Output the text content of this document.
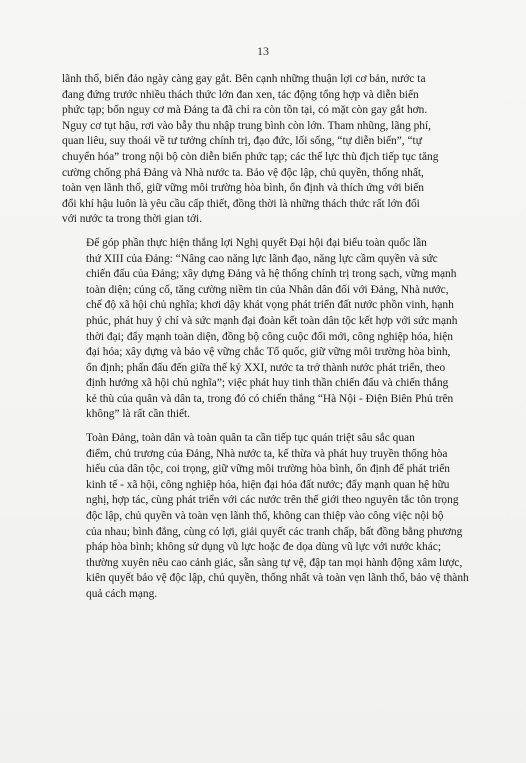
13

lãnh thổ, biển đảo ngày càng gay gắt. Bên cạnh những thuận lợi cơ bản, nước ta
đang đứng trước nhiều thách thức lớn đan xen, tác động tổng hợp và diễn biến
phức tạp; bốn nguy cơ mà Đảng ta đã chỉ ra còn tồn tại, có mặt còn gay gắt hơn.
Nguy cơ tụt hậu, rơi vào bẫy thu nhập trung bình còn lớn. Tham nhũng, lãng phí,
quan liêu, suy thoái về tư tưởng chính trị, đạo đức, lối sống, “tự diễn biến”, “tự
chuyển hóa” trong nội bộ còn diễn biến phức tạp; các thế lực thù địch tiếp tục tăng
cường chống phá Đảng và Nhà nước ta. Bảo vệ độc lập, chủ quyền, thống nhất,
toàn vẹn lãnh thổ, giữ vững môi trường hòa bình, ổn định và thích ứng với biến
đổi khí hậu luôn là yêu cầu cấp thiết, đồng thời là những thách thức rất lớn đối
với nước ta trong thời gian tới.

Để góp phần thực hiện thắng lợi Nghị quyết Đại hội đại biểu toàn quốc lần
thứ XIII của Đảng: “Nâng cao năng lực lãnh đạo, năng lực cầm quyền và sức
chiến đấu của Đảng; xây dựng Đảng và hệ thống chính trị trong sạch, vững mạnh
toàn diện; củng cố, tăng cường niềm tin của Nhân dân đối với Đảng, Nhà nước,
chế độ xã hội chủ nghĩa; khơi dậy khát vọng phát triển đất nước phồn vinh, hạnh
phúc, phát huy ý chí và sức mạnh đại đoàn kết toàn dân tộc kết hợp với sức mạnh
thời đại; đẩy mạnh toàn diện, đồng bộ công cuộc đổi mới, công nghiệp hóa, hiện
đại hóa; xây dựng và bảo vệ vững chắc Tổ quốc, giữ vững môi trường hòa bình,
ổn định; phấn đấu đến giữa thế kỷ XXI, nước ta trở thành nước phát triển, theo
định hướng xã hội chủ nghĩa”; việc phát huy tinh thần chiến đấu và chiến thắng
kẻ thù của quân và dân ta, trong đó có chiến thắng “Hà Nội - Điện Biên Phủ trên
không” là rất cần thiết.

Toàn Đảng, toàn dân và toàn quân ta cần tiếp tục quán triệt sâu sắc quan
điểm, chủ trương của Đảng, Nhà nước ta, kế thừa và phát huy truyền thống hòa
hiếu của dân tộc, coi trọng, giữ vững môi trường hòa bình, ổn định để phát triển
kinh tế - xã hội, công nghiệp hóa, hiện đại hóa đất nước; đẩy mạnh quan hệ hữu
nghị, hợp tác, cùng phát triển với các nước trên thế giới theo nguyên tắc tôn trọng
độc lập, chủ quyền và toàn vẹn lãnh thổ, không can thiệp vào công việc nội bộ
của nhau; bình đẳng, cùng có lợi, giải quyết các tranh chấp, bất đồng bằng phương
pháp hòa bình; không sử dụng vũ lực hoặc đe dọa dùng vũ lực với nước khác;
thường xuyên nêu cao cảnh giác, sẵn sàng tự vệ, đập tan mọi hành động xâm lược,
kiên quyết bảo vệ độc lập, chủ quyền, thống nhất và toàn vẹn lãnh thổ, bảo vệ thành
quả cách mạng.
